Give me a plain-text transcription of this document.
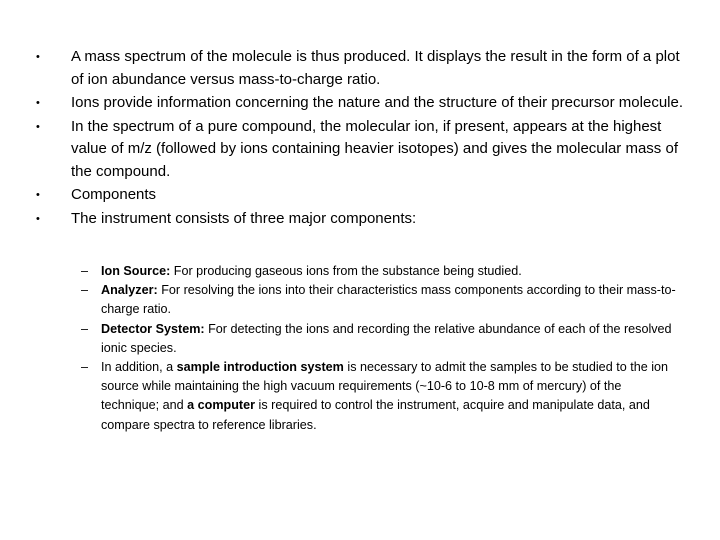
• A mass spectrum of the molecule is thus produced. It displays the result in the form of a plot of ion abundance versus mass-to-charge ratio.
• Ions provide information concerning the nature and the structure of their precursor molecule.
• In the spectrum of a pure compound, the molecular ion, if present, appears at the highest value of m/z (followed by ions containing heavier isotopes) and gives the molecular mass of the compound.
• Components
• The instrument consists of three major components:
– Ion Source: For producing gaseous ions from the substance being studied.
– Analyzer: For resolving the ions into their characteristics mass components according to their mass-to-charge ratio.
– Detector System: For detecting the ions and recording the relative abundance of each of the resolved ionic species.
– In addition, a sample introduction system is necessary to admit the samples to be studied to the ion source while maintaining the high vacuum requirements (~10-6 to 10-8 mm of mercury) of the technique; and a computer is required to control the instrument, acquire and manipulate data, and compare spectra to reference libraries.
